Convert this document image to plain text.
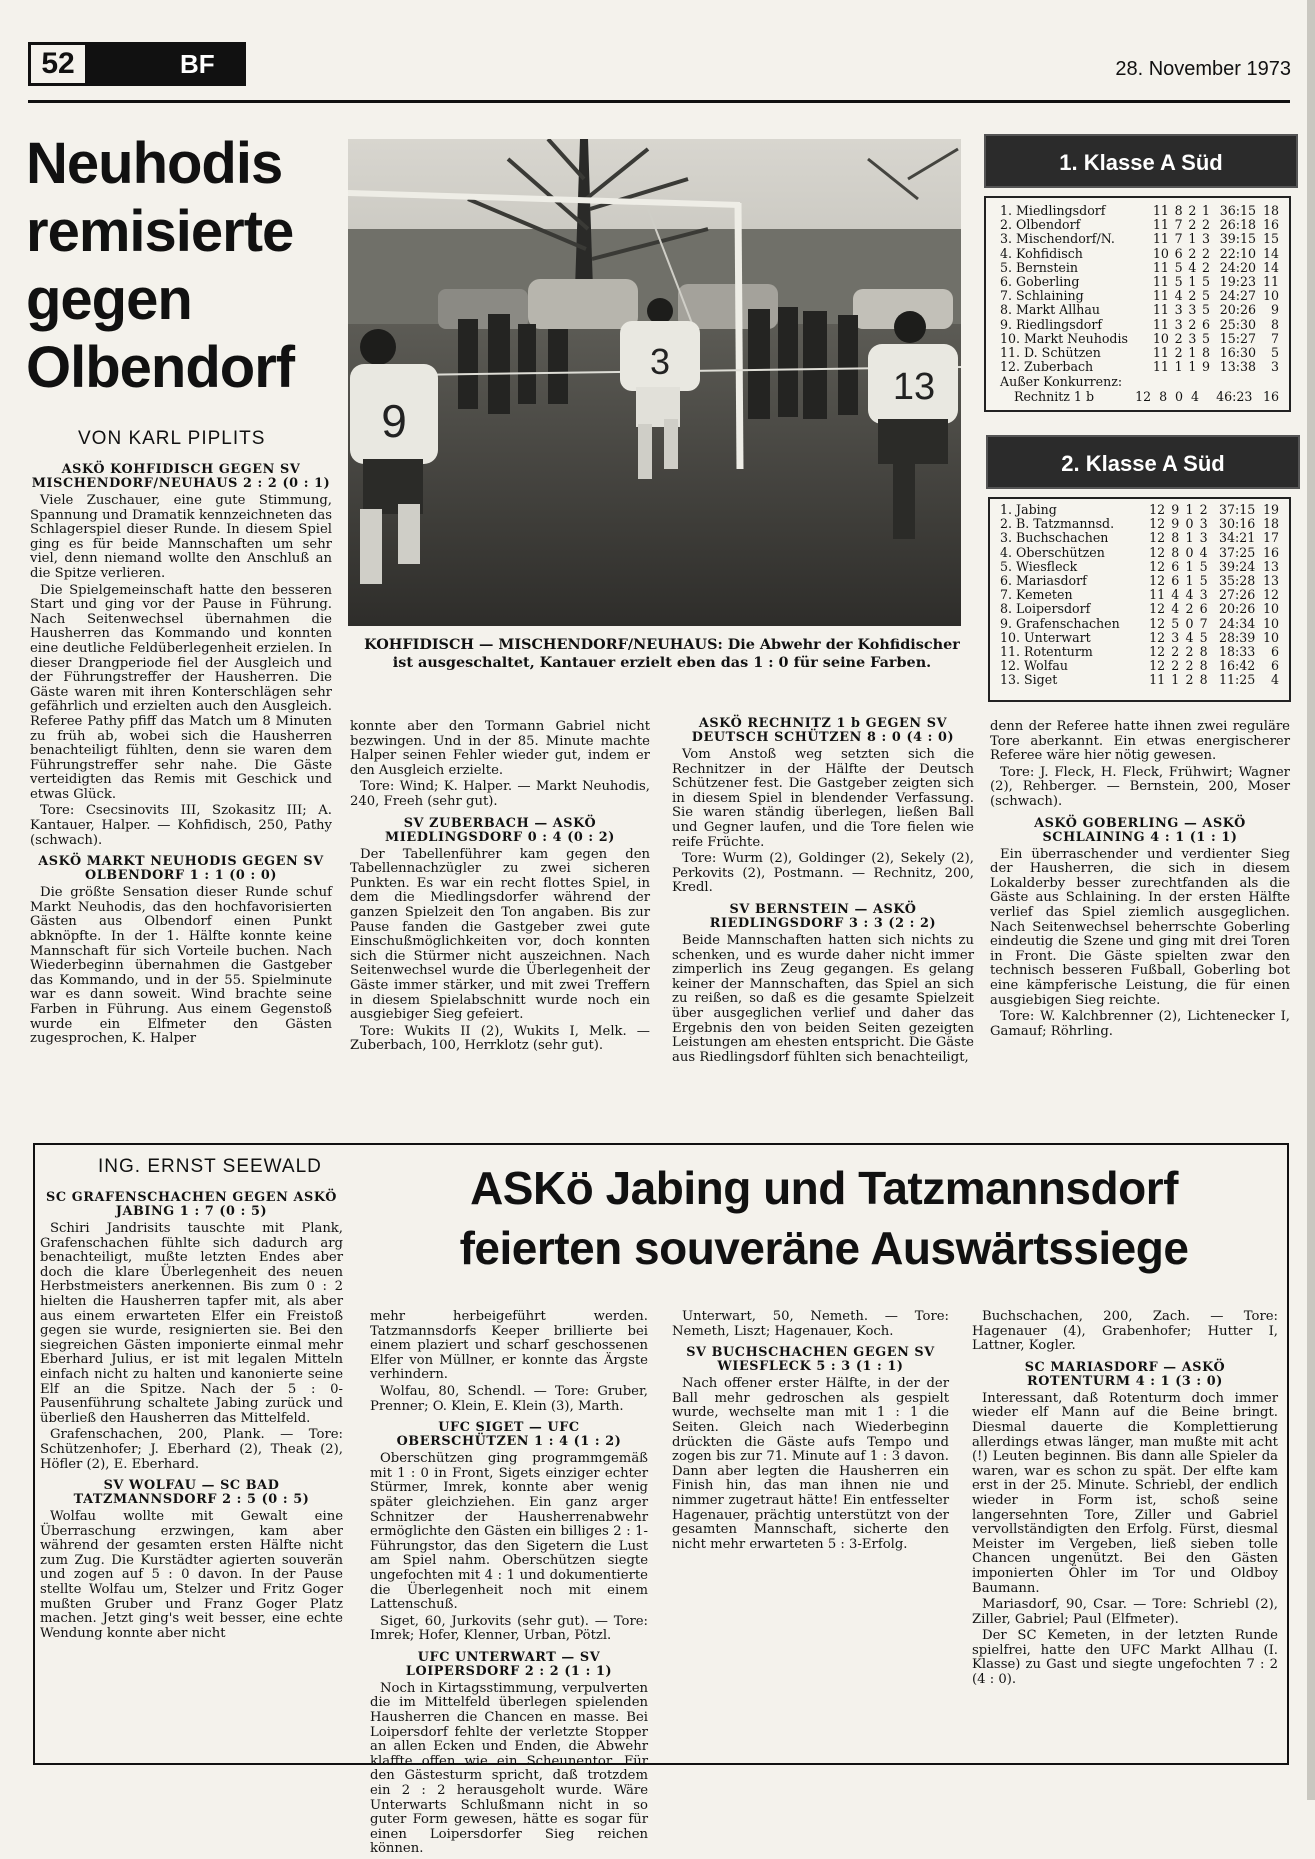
52	BF	28. November 1973
Neuhodis remisierte gegen Olbendorf
VON KARL PIPLITS	9
3
13
KOHFIDISCH — MISCHENDORF/NEUHAUS: Die Abwehr der Kohfidischer ist ausgeschaltet, Kantauer erzielt eben das 1 : 0 für seine Farben.
1. Klasse A Süd
1. Miedlingsdorf	11	8	2	1	36:15	18
2. Olbendorf	11	7	2	2	26:18	16
3. Mischendorf/N.	11	7	1	3	39:15	15
4. Kohfidisch	10	6	2	2	22:10	14
5. Bernstein	11	5	4	2	24:20	14
6. Goberling	11	5	1	5	19:23	11
7. Schlaining	11	4	2	5	24:27	10
8. Markt Allhau	11	3	3	5	20:26	9
9. Riedlingsdorf	11	3	2	6	25:30	8
10. Markt Neuhodis	10	2	3	5	15:27	7
11. D. Schützen	11	2	1	8	16:30	5
12. Zuberbach	11	1	1	9	13:38	3
Außer Konkurrenz:
Rechnitz 1 b	12	8	0	4	46:23	16
2. Klasse A Süd
1. Jabing	12	9	1	2	37:15	19
2. B. Tatzmannsd.	12	9	0	3	30:16	18
3. Buchschachen	12	8	1	3	34:21	17
4. Oberschützen	12	8	0	4	37:25	16
5. Wiesfleck	12	6	1	5	39:24	13
6. Mariasdorf	12	6	1	5	35:28	13
7. Kemeten	11	4	4	3	27:26	12
8. Loipersdorf	12	4	2	6	20:26	10
9. Grafenschachen	12	5	0	7	24:34	10
10. Unterwart	12	3	4	5	28:39	10
11. Rotenturm	12	2	2	8	18:33	6
12. Wolfau	12	2	2	8	16:42	6
13. Siget	11	1	2	8	11:25	4
ASKÖ KOHFIDISCH GEGEN SV MISCHENDORF/NEUHAUS 2 : 2 (0 : 1)

Viele Zuschauer, eine gute Stimmung, Spannung und Dramatik kennzeichneten das Schlagerspiel dieser Runde. In diesem Spiel ging es für beide Mannschaften um sehr viel, denn niemand wollte den Anschluß an die Spitze verlieren.

Die Spielgemeinschaft hatte den besseren Start und ging vor der Pause in Führung. Nach Seitenwechsel übernahmen die Hausherren das Kommando und konnten eine deutliche Feldüberlegenheit erzielen. In dieser Drangperiode fiel der Ausgleich und der Führungstreffer der Hausherren. Die Gäste waren mit ihren Konterschlägen sehr gefährlich und erzielten auch den Ausgleich. Referee Pathy pfiff das Match um 8 Minuten zu früh ab, wobei sich die Hausherren benachteiligt fühlten, denn sie waren dem Führungstreffer sehr nahe. Die Gäste verteidigten das Remis mit Geschick und etwas Glück.

Tore: Csecsinovits III, Szokasitz III; A. Kantauer, Halper. — Kohfidisch, 250, Pathy (schwach).

ASKÖ MARKT NEUHODIS GEGEN SV OLBENDORF 1 : 1 (0 : 0)

Die größte Sensation dieser Runde schuf Markt Neuhodis, das den hochfavorisierten Gästen aus Olbendorf einen Punkt abknöpfte. In der 1. Hälfte konnte keine Mannschaft für sich Vorteile buchen. Nach Wiederbeginn übernahmen die Gastgeber das Kommando, und in der 55. Spielminute war es dann soweit. Wind brachte seine Farben in Führung. Aus einem Gegenstoß wurde ein Elfmeter den Gästen zugesprochen, K. Halper

konnte aber den Tormann Gabriel nicht bezwingen. Und in der 85. Minute machte Halper seinen Fehler wieder gut, indem er den Ausgleich erzielte.

Tore: Wind; K. Halper. — Markt Neuhodis, 240, Freeh (sehr gut).

SV ZUBERBACH — ASKÖ MIEDLINGSDORF 0 : 4 (0 : 2)

Der Tabellenführer kam gegen den Tabellennachzügler zu zwei sicheren Punkten. Es war ein recht flottes Spiel, in dem die Miedlingsdorfer während der ganzen Spielzeit den Ton angaben. Bis zur Pause fanden die Gastgeber zwei gute Einschußmöglichkeiten vor, doch konnten sich die Stürmer nicht auszeichnen. Nach Seitenwechsel wurde die Überlegenheit der Gäste immer stärker, und mit zwei Treffern in diesem Spielabschnitt wurde noch ein ausgiebiger Sieg gefeiert.

Tore: Wukits II (2), Wukits I, Melk. — Zuberbach, 100, Herrklotz (sehr gut).

ASKÖ RECHNITZ 1 b GEGEN SV DEUTSCH SCHÜTZEN 8 : 0 (4 : 0)

Vom Anstoß weg setzten sich die Rechnitzer in der Hälfte der Deutsch Schützener fest. Die Gastgeber zeigten sich in diesem Spiel in blendender Verfassung. Sie waren ständig überlegen, ließen Ball und Gegner laufen, und die Tore fielen wie reife Früchte.

Tore: Wurm (2), Goldinger (2), Sekely (2), Perkovits (2), Postmann. — Rechnitz, 200, Kredl.

SV BERNSTEIN — ASKÖ RIEDLINGSDORF 3 : 3 (2 : 2)

Beide Mannschaften hatten sich nichts zu schenken, und es wurde daher nicht immer zimperlich ins Zeug gegangen. Es gelang keiner der Mannschaften, das Spiel an sich zu reißen, so daß es die gesamte Spielzeit über ausgeglichen verlief und daher das Ergebnis den von beiden Seiten gezeigten Leistungen am ehesten entspricht. Die Gäste aus Riedlingsdorf fühlten sich benachteiligt,

denn der Referee hatte ihnen zwei reguläre Tore aberkannt. Ein etwas energischerer Referee wäre hier nötig gewesen.

Tore: J. Fleck, H. Fleck, Frühwirt; Wagner (2), Rehberger. — Bernstein, 200, Moser (schwach).

ASKÖ GOBERLING — ASKÖ SCHLAINING 4 : 1 (1 : 1)

Ein überraschender und verdienter Sieg der Hausherren, die sich in diesem Lokalderby besser zurechtfanden als die Gäste aus Schlaining. In der ersten Hälfte verlief das Spiel ziemlich ausgeglichen. Nach Seitenwechsel beherrschte Goberling eindeutig die Szene und ging mit drei Toren in Front. Die Gäste spielten zwar den technisch besseren Fußball, Goberling bot eine kämpferische Leistung, die für einen ausgiebigen Sieg reichte.

Tore: W. Kalchbrenner (2), Lichtenecker I, Gamauf; Röhrling.

ING. ERNST SEEWALD	ASKö Jabing und Tatzmannsdorf feierten souveräne Auswärtssiege
SC GRAFENSCHACHEN GEGEN ASKÖ JABING 1 : 7 (0 : 5)

Schiri Jandrisits tauschte mit Plank, Grafenschachen fühlte sich dadurch arg benachteiligt, mußte letzten Endes aber doch die klare Überlegenheit des neuen Herbstmeisters anerkennen. Bis zum 0 : 2 hielten die Hausherren tapfer mit, als aber aus einem erwarteten Elfer ein Freistoß gegen sie wurde, resignierten sie. Bei den siegreichen Gästen imponierte einmal mehr Eberhard Julius, er ist mit legalen Mitteln einfach nicht zu halten und kanonierte seine Elf an die Spitze. Nach der 5 : 0-Pausenführung schaltete Jabing zurück und überließ den Hausherren das Mittelfeld.

Grafenschachen, 200, Plank. — Tore: Schützenhofer; J. Eberhard (2), Theak (2), Höfler (2), E. Eberhard.

SV WOLFAU — SC BAD TATZMANNSDORF 2 : 5 (0 : 5)

Wolfau wollte mit Gewalt eine Überraschung erzwingen, kam aber während der gesamten ersten Hälfte nicht zum Zug. Die Kurstädter agierten souverän und zogen auf 5 : 0 davon. In der Pause stellte Wolfau um, Stelzer und Fritz Goger mußten Gruber und Franz Goger Platz machen. Jetzt ging's weit besser, eine echte Wendung konnte aber nicht

mehr herbeigeführt werden. Tatzmannsdorfs Keeper brillierte bei einem plaziert und scharf geschossenen Elfer von Müllner, er konnte das Ärgste verhindern.

Wolfau, 80, Schendl. — Tore: Gruber, Prenner; O. Klein, E. Klein (3), Marth.

UFC SIGET — UFC OBERSCHÜTZEN 1 : 4 (1 : 2)

Oberschützen ging programmgemäß mit 1 : 0 in Front, Sigets einziger echter Stürmer, Imrek, konnte aber wenig später gleichziehen. Ein ganz arger Schnitzer der Hausherrenabwehr ermöglichte den Gästen ein billiges 2 : 1-Führungstor, das den Sigetern die Lust am Spiel nahm. Oberschützen siegte ungefochten mit 4 : 1 und dokumentierte die Überlegenheit noch mit einem Lattenschuß.

Siget, 60, Jurkovits (sehr gut). — Tore: Imrek; Hofer, Klenner, Urban, Pötzl.

UFC UNTERWART — SV LOIPERSDORF 2 : 2 (1 : 1)

Noch in Kirtagsstimmung, verpulverten die im Mittelfeld überlegen spielenden Hausherren die Chancen en masse. Bei Loipersdorf fehlte der verletzte Stopper an allen Ecken und Enden, die Abwehr klaffte offen wie ein Scheunentor. Für den Gästesturm spricht, daß trotzdem ein 2 : 2 herausgeholt wurde. Wäre Unterwarts Schlußmann nicht in so guter Form gewesen, hätte es sogar für einen Loipersdorfer Sieg reichen können.

Unterwart, 50, Nemeth. — Tore: Nemeth, Liszt; Hagenauer, Koch.

SV BUCHSCHACHEN GEGEN SV WIESFLECK 5 : 3 (1 : 1)

Nach offener erster Hälfte, in der der Ball mehr gedroschen als gespielt wurde, wechselte man mit 1 : 1 die Seiten. Gleich nach Wiederbeginn drückten die Gäste aufs Tempo und zogen bis zur 71. Minute auf 1 : 3 davon. Dann aber legten die Hausherren ein Finish hin, das man ihnen nie und nimmer zugetraut hätte! Ein entfesselter Hagenauer, prächtig unterstützt von der gesamten Mannschaft, sicherte den nicht mehr erwarteten 5 : 3-Erfolg.

Buchschachen, 200, Zach. — Tore: Hagenauer (4), Grabenhofer; Hutter I, Lattner, Kogler.

SC MARIASDORF — ASKÖ ROTENTURM 4 : 1 (3 : 0)

Interessant, daß Rotenturm doch immer wieder elf Mann auf die Beine bringt. Diesmal dauerte die Komplettierung allerdings etwas länger, man mußte mit acht (!) Leuten beginnen. Bis dann alle Spieler da waren, war es schon zu spät. Der elfte kam erst in der 25. Minute. Schriebl, der endlich wieder in Form ist, schoß seine langersehnten Tore, Ziller und Gabriel vervollständigten den Erfolg. Fürst, diesmal Meister im Vergeben, ließ sieben tolle Chancen ungenützt. Bei den Gästen imponierten Öhler im Tor und Oldboy Baumann.

Mariasdorf, 90, Csar. — Tore: Schriebl (2), Ziller, Gabriel; Paul (Elfmeter).

Der SC Kemeten, in der letzten Runde spielfrei, hatte den UFC Markt Allhau (I. Klasse) zu Gast und siegte ungefochten 7 : 2 (4 : 0).
